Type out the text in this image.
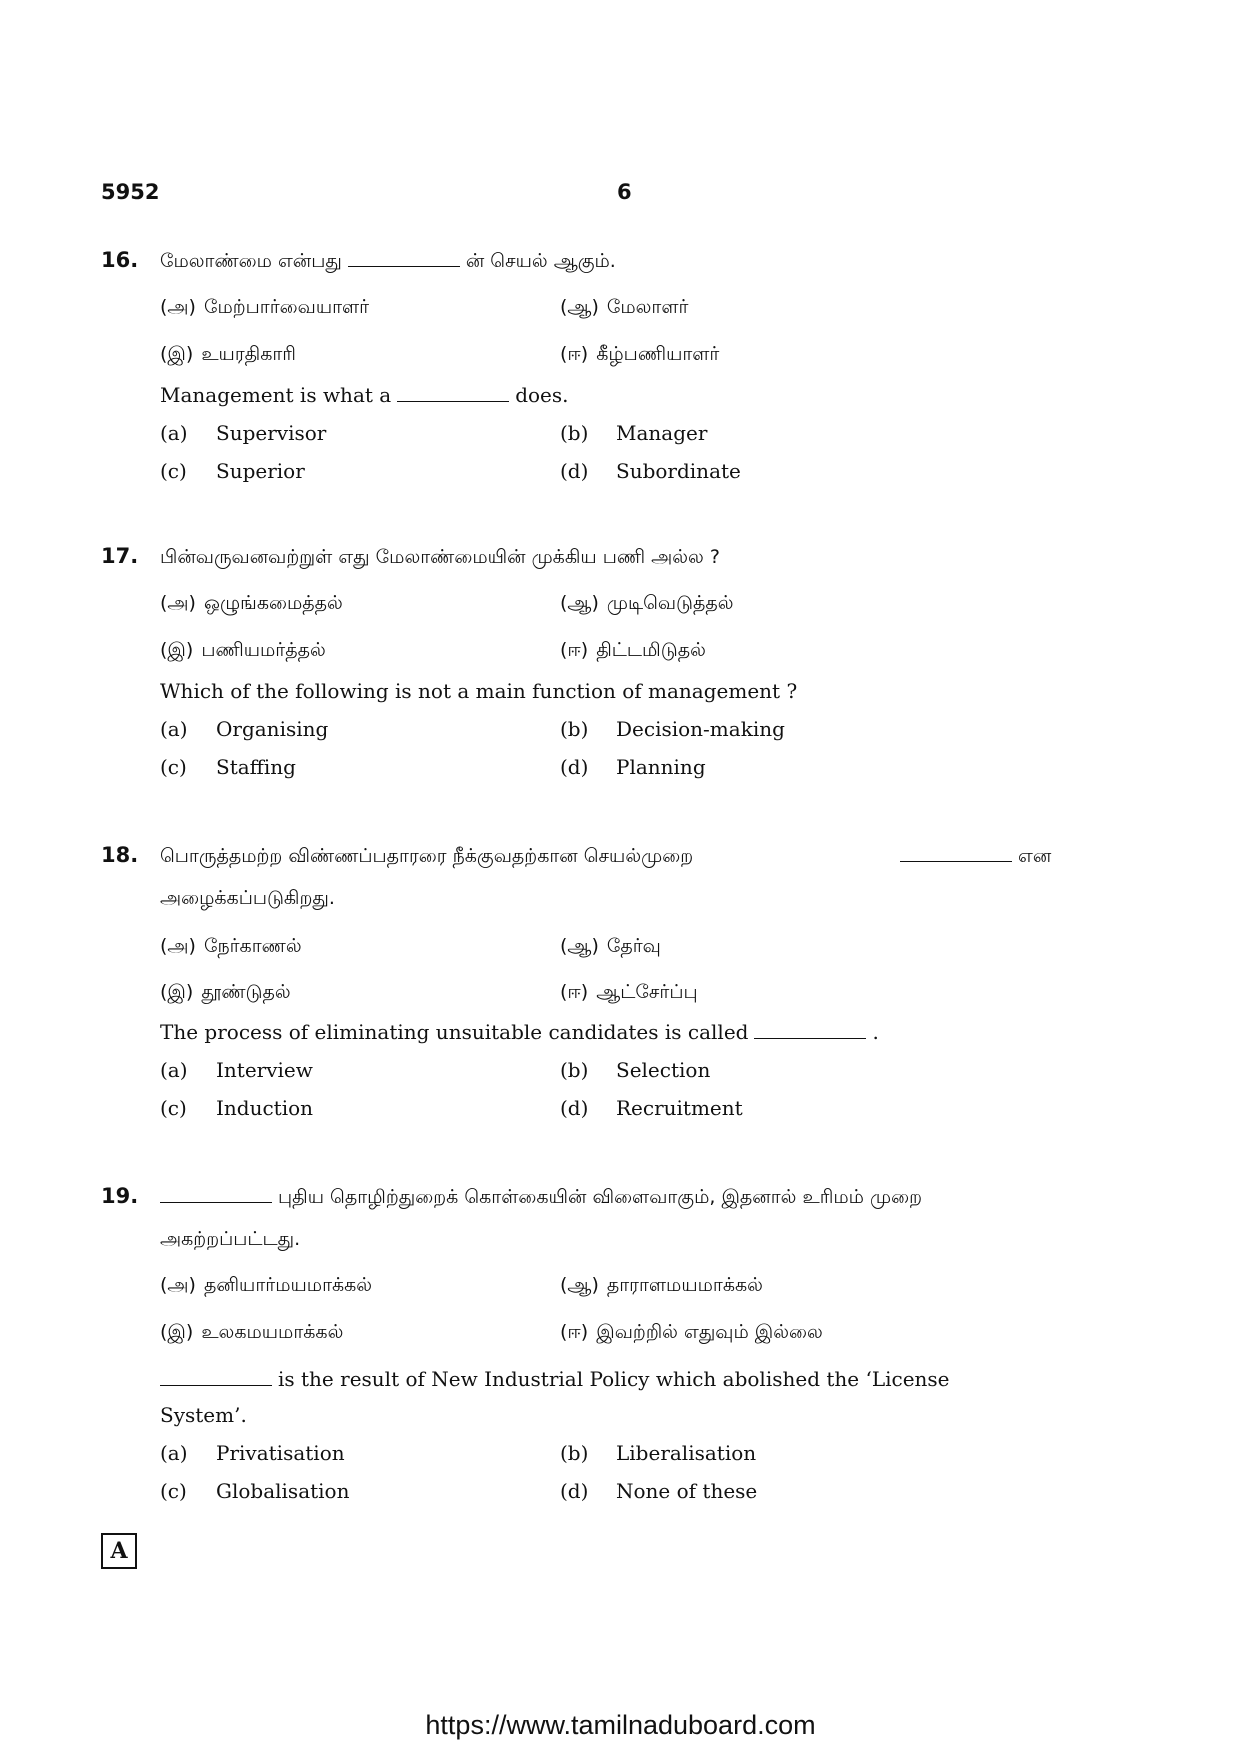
5952	6
16. மேலாண்மை என்பது	ன் செயல் ஆகும்.
(அ) மேற்பார்வையாளர்	(ஆ) மேலாளர்
(இ) உயரதிகாரி	(ஈ) கீழ்பணியாளர்
Management is what a	does.
(a) Supervisor	(b) Manager
(c) Superior	(d) Subordinate
17. பின்வருவனவற்றுள் எது மேலாண்மையின் முக்கிய பணி அல்ல ?
(அ) ஒழுங்கமைத்தல்	(ஆ) முடிவெடுத்தல்
(இ) பணியமர்த்தல்	(ஈ) திட்டமிடுதல்
Which of the following is not a main function of management ?
(a) Organising	(b) Decision-making
(c) Staffing	(d) Planning
18. பொருத்தமற்ற விண்ணப்பதாரரை நீக்குவதற்கான செயல்முறை	என
அழைக்கப்படுகிறது.
(அ) நேர்காணல்	(ஆ) தேர்வு
(இ) தூண்டுதல்	(ஈ) ஆட்சேர்ப்பு
The process of eliminating unsuitable candidates is called	.
(a) Interview	(b) Selection
(c) Induction	(d) Recruitment
19.	புதிய தொழிற்துறைக் கொள்கையின் விளைவாகும், இதனால் உரிமம் முறை
அகற்றப்பட்டது.
(அ) தனியார்மயமாக்கல்	(ஆ) தாராளமயமாக்கல்
(இ) உலகமயமாக்கல்	(ஈ) இவற்றில் எதுவும் இல்லை
is the result of New Industrial Policy which abolished the ‘License
System’.
(a) Privatisation	(b) Liberalisation
(c) Globalisation	(d) None of these
A
https://www.tamilnaduboard.com
